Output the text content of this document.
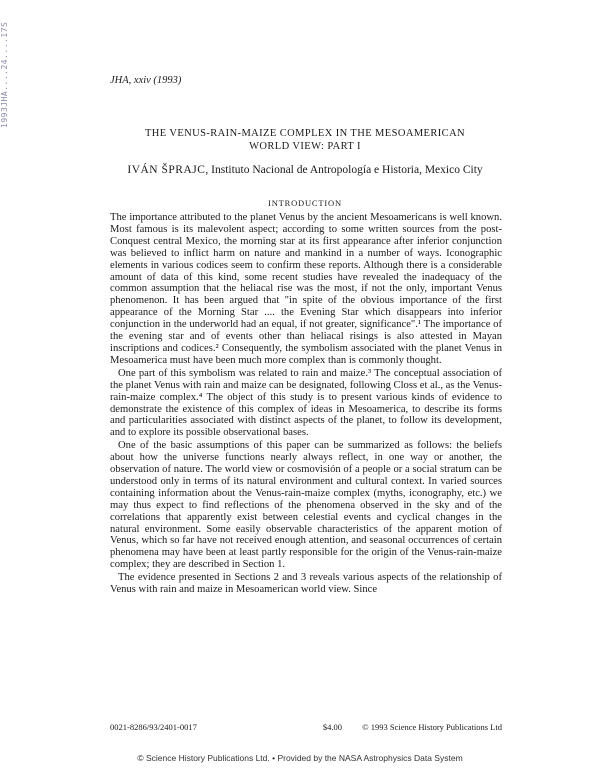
1993JHA....24....17S	JHA, xxiv (1993)
THE VENUS-RAIN-MAIZE COMPLEX IN THE MESOAMERICAN
WORLD VIEW: PART I
IVÁN ŠPRAJC, Instituto Nacional de Antropología e Historia, Mexico City
INTRODUCTION

The importance attributed to the planet Venus by the ancient Mesoamericans is well known. Most famous is its malevolent aspect; according to some written sources from the post-Conquest central Mexico, the morning star at its first appearance after inferior conjunction was believed to inflict harm on nature and mankind in a number of ways. Iconographic elements in various codices seem to confirm these reports. Although there is a considerable amount of data of this kind, some recent studies have revealed the inadequacy of the common assumption that the heliacal rise was the most, if not the only, important Venus phenomenon. It has been argued that "in spite of the obvious importance of the first appearance of the Morning Star .... the Evening Star which disappears into inferior conjunction in the underworld had an equal, if not greater, significance".¹ The importance of the evening star and of events other than heliacal risings is also attested in Mayan inscriptions and codices.² Consequently, the symbolism associated with the planet Venus in Mesoamerica must have been much more complex than is commonly thought.

One part of this symbolism was related to rain and maize.³ The conceptual association of the planet Venus with rain and maize can be designated, following Closs et al., as the Venus-rain-maize complex.⁴ The object of this study is to present various kinds of evidence to demonstrate the existence of this complex of ideas in Mesoamerica, to describe its forms and particularities associated with distinct aspects of the planet, to follow its development, and to explore its possible observational bases.

One of the basic assumptions of this paper can be summarized as follows: the beliefs about how the universe functions nearly always reflect, in one way or another, the observation of nature. The world view or cosmovisión of a people or a social stratum can be understood only in terms of its natural environment and cultural context. In varied sources containing information about the Venus-rain-maize complex (myths, iconography, etc.) we may thus expect to find reflections of the phenomena observed in the sky and of the correlations that apparently exist between celestial events and cyclical changes in the natural environment. Some easily observable characteristics of the apparent motion of Venus, which so far have not received enough attention, and seasonal occurrences of certain phenomena may have been at least partly responsible for the origin of the Venus-rain-maize complex; they are described in Section 1.

The evidence presented in Sections 2 and 3 reveals various aspects of the relationship of Venus with rain and maize in Mesoamerican world view. Since

0021-8286/93/2401-0017	$4.00 © 1993 Science History Publications Ltd
© Science History Publications Ltd. • Provided by the NASA Astrophysics Data System
